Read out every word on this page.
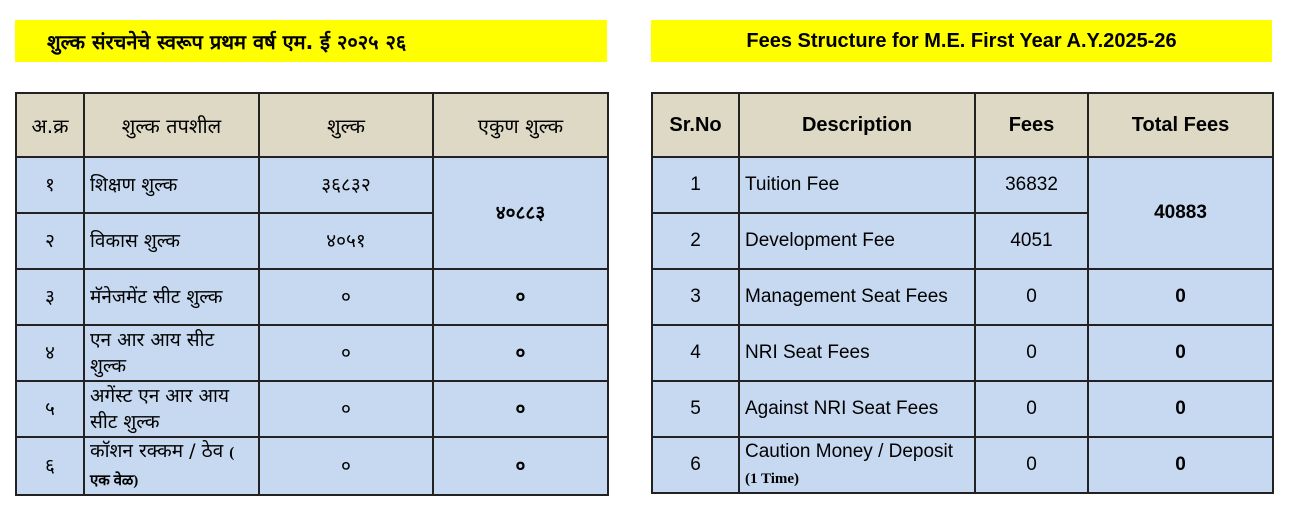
शुल्क संरचनेचे स्वरूप प्रथम वर्ष एम. ई २०२५ २६	Fees Structure for M.E. First Year A.Y.2025-26
अ.क्र	शुल्क तपशील	शुल्क	एकुण शुल्क
१	शिक्षण शुल्क	३६८३२	४०८८३
२	विकास शुल्क	४०५१	
३	मॅनेजमेंट सीट शुल्क	०	०
४	एन आर आय सीट शुल्क	०	०
५	अगेंस्ट एन आर आय सीट शुल्क	०	०
६	कॉशन रक्कम / ठेव ( एक वेळ)	०	०
Sr.No	Description	Fees	Total Fees
1	Tuition Fee	36832	40883
2	Development Fee	4051	
3	Management Seat Fees	0	0
4	NRI Seat Fees	0	0
5	Against NRI Seat Fees	0	0
6	Caution Money / Deposit (1 Time)	0	0
